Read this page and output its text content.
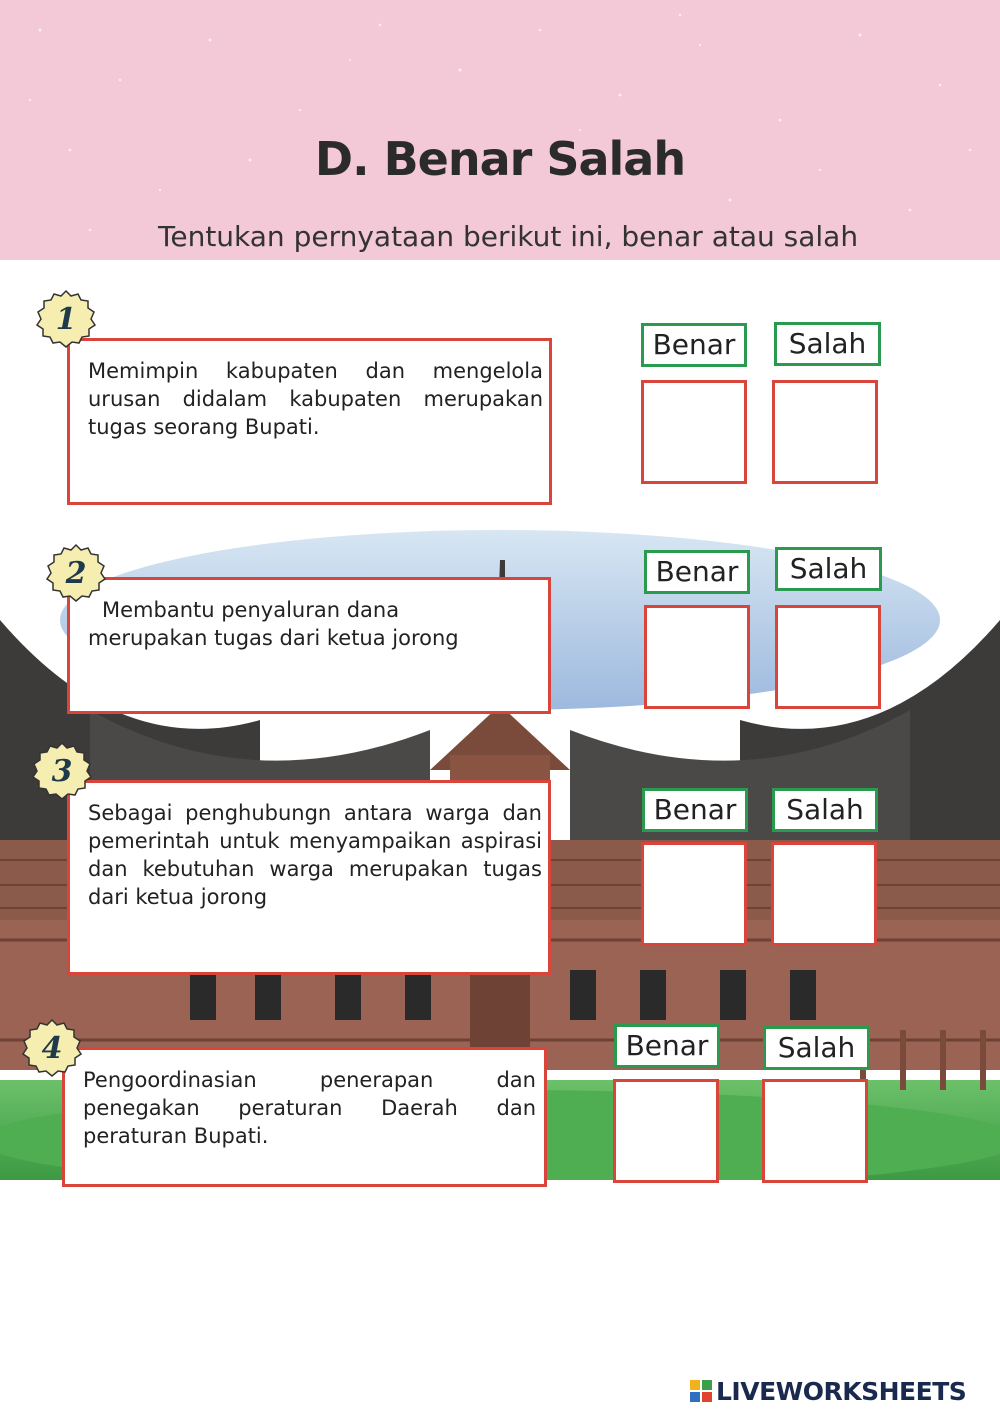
D. Benar Salah
Tentukan pernyataan berikut ini, benar atau salah
Memimpin kabupaten dan mengelola urusan didalam kabupaten merupakan tugas seorang Bupati.
1
Benar	Salah
Membantu penyaluran dana merupakan tugas dari ketua jorong
2	Benar	Salah
Sebagai penghubungn antara warga dan pemerintah untuk menyampaikan aspirasi dan kebutuhan warga merupakan tugas dari ketua jorong
3
Benar	Salah
Pengoordinasian penerapan dan penegakan peraturan Daerah dan peraturan Bupati.
4	Benar	Salah
LIVEWORKSHEETS
